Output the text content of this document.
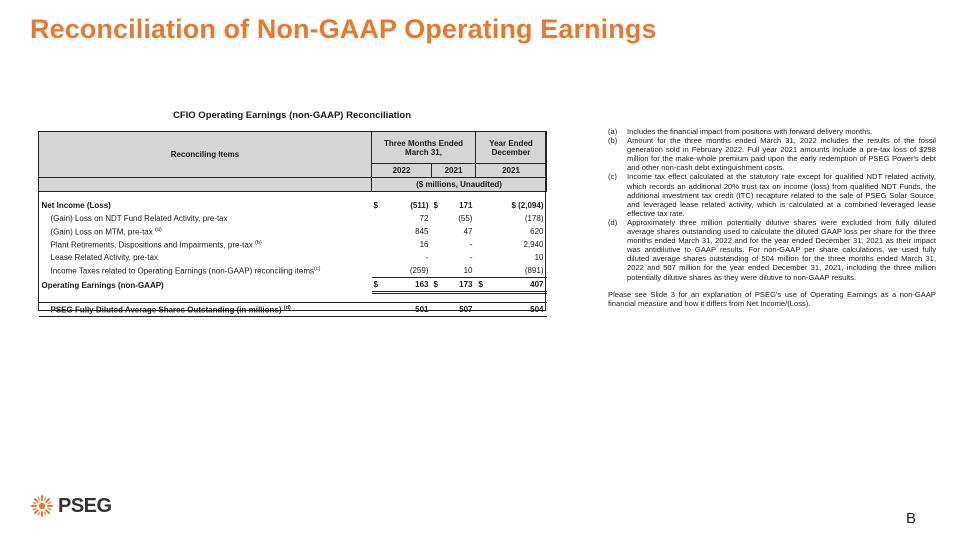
Reconciliation of Non-GAAP Operating Earnings
CFIO Operating Earnings (non-GAAP) Reconciliation
Reconciling Items	Three Months Ended
March 31,				Year Ended
December
	2022		2021		2021
	($ millions, Unaudited)				

Net Income (Loss)	$	(511)	$	171	$ (2,094)
(Gain) Loss on NDT Fund Related Activity, pre-tax		72		(55)	(178)
(Gain) Loss on MTM, pre-tax $^{(a)}$		845		47	620
Plant Retirements, Dispositions and Impairments, pre-tax $^{(b)}$		16		-	2,940
Lease Related Activity, pre-tax		-		-	10
Income Taxes related to Operating Earnings (non-GAAP) reconciling items$^{(c)}$		(259)		10	(891)
Operating Earnings (non-GAAP)	$	163	$	173	$ 407

PSEG Fully Diluted Average Shares Outstanding (in millions) $^{(d)}$		501		507	504

(a)	Includes the financial impact from positions with forward delivery months.

(b)	Amount for the three months ended March 31, 2022 includes the results of the fossil generation sold in February 2022. Full year 2021 amounts include a pre-tax loss of $298 million for the make-whole premium paid upon the early redemption of PSEG Power's debt and other non-cash debt extinguishment costs.

(c)	Income tax effect calculated at the statutory rate except for qualified NDT related activity, which records an additional 20% trust tax on income (loss) from qualified NDT Funds, the additional investment tax credit (ITC) recapture related to the sale of PSEG Solar Source, and leveraged lease related activity, which is calculated at a combined leveraged lease effective tax rate.

(d)	Approximately three million potentially dilutive shares were excluded from fully diluted average shares outstanding used to calculate the diluted GAAP loss per share for the three months ended March 31, 2022 and for the year ended December 31, 2021 as their impact was antidilutive to GAAP results. For non-GAAP per share calculations, we used fully diluted average shares outstanding of 504 million for the three months ended March 31, 2022 and 507 million for the year ended December 31, 2021, including the three million potentially dilutive shares as they were dilutive to non-GAAP results.

Please see Slide 3 for an explanation of PSEG's use of Operating Earnings as a non-GAAP financial measure and how it differs from Net Income/(Loss).

PSEG
B
